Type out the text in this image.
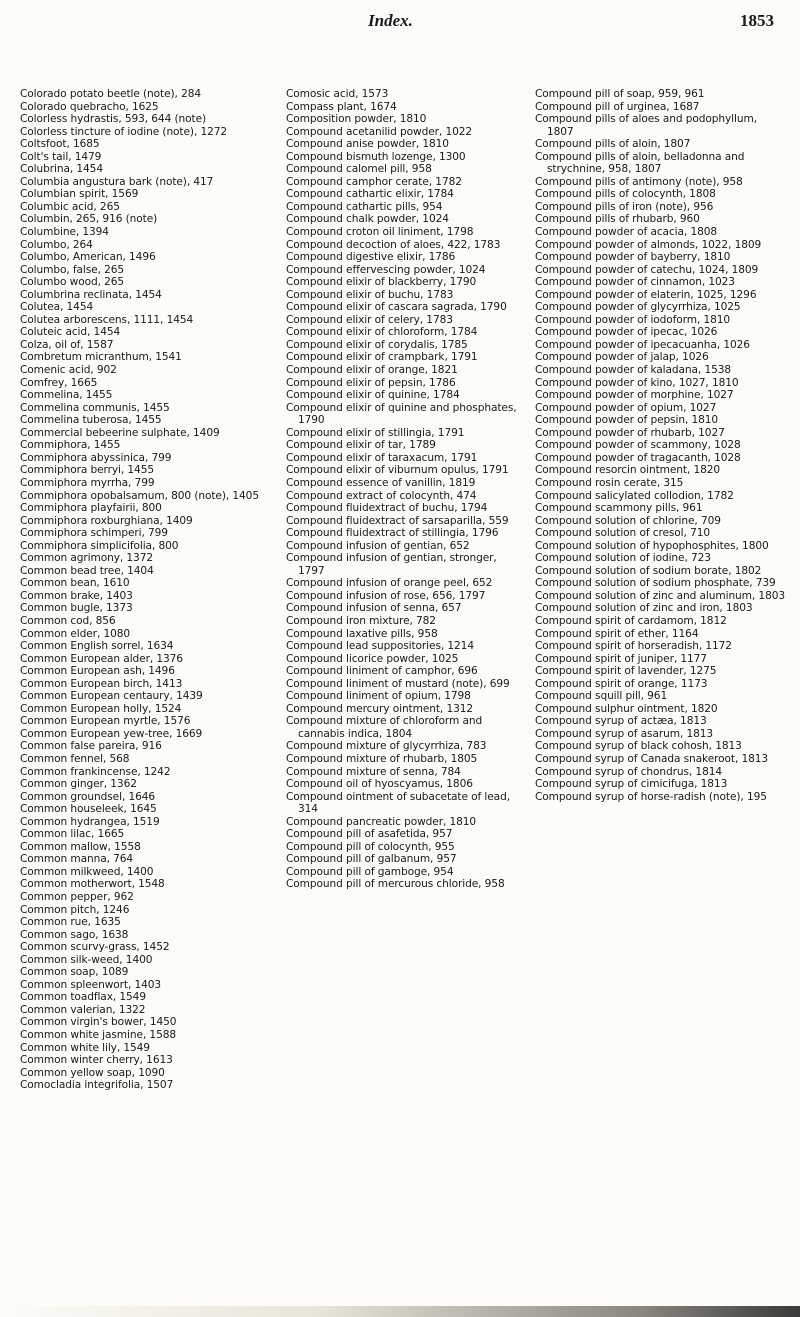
Index.	1853
Colorado potato beetle (note), 284
Colorado quebracho, 1625
Colorless hydrastis, 593, 644 (note)
Colorless tincture of iodine (note), 1272
Coltsfoot, 1685
Colt's tail, 1479
Colubrina, 1454
Columbia angustura bark (note), 417
Columbian spirit, 1569
Columbic acid, 265
Columbin, 265, 916 (note)
Columbine, 1394
Columbo, 264
Columbo, American, 1496
Columbo, false, 265
Columbo wood, 265
Columbrina reclinata, 1454
Colutea, 1454
Colutea arborescens, 1111, 1454
Coluteic acid, 1454
Colza, oil of, 1587
Combretum micranthum, 1541
Comenic acid, 902
Comfrey, 1665
Commelina, 1455
Commelina communis, 1455
Commelina tuberosa, 1455
Commercial bebeerine sulphate, 1409
Commiphora, 1455
Commiphora abyssinica, 799
Commiphora berryi, 1455
Commiphora myrrha, 799
Commiphora opobalsamum, 800 (note), 1405
Commiphora playfairii, 800
Commiphora roxburghiana, 1409
Commiphora schimperi, 799
Commiphora simplicifolia, 800
Common agrimony, 1372
Common bead tree, 1404
Common bean, 1610
Common brake, 1403
Common bugle, 1373
Common cod, 856
Common elder, 1080
Common English sorrel, 1634
Common European alder, 1376
Common European ash, 1496
Common European birch, 1413
Common European centaury, 1439
Common European holly, 1524
Common European myrtle, 1576
Common European yew-tree, 1669
Common false pareira, 916
Common fennel, 568
Common frankincense, 1242
Common ginger, 1362
Common groundsel, 1646
Common houseleek, 1645
Common hydrangea, 1519
Common lilac, 1665
Common mallow, 1558
Common manna, 764
Common milkweed, 1400
Common motherwort, 1548
Common pepper, 962
Common pitch, 1246
Common rue, 1635
Common sago, 1638
Common scurvy-grass, 1452
Common silk-weed, 1400
Common soap, 1089
Common spleenwort, 1403
Common toadflax, 1549
Common valerian, 1322
Common virgin's bower, 1450
Common white jasmine, 1588
Common white lily, 1549
Common winter cherry, 1613
Common yellow soap, 1090
Comocladia integrifolia, 1507
Comosic acid, 1573
Compass plant, 1674
Composition powder, 1810
Compound acetanilid powder, 1022
Compound anise powder, 1810
Compound bismuth lozenge, 1300
Compound calomel pill, 958
Compound camphor cerate, 1782
Compound cathartic elixir, 1784
Compound cathartic pills, 954
Compound chalk powder, 1024
Compound croton oil liniment, 1798
Compound decoction of aloes, 422, 1783
Compound digestive elixir, 1786
Compound effervescing powder, 1024
Compound elixir of blackberry, 1790
Compound elixir of buchu, 1783
Compound elixir of cascara sagrada, 1790
Compound elixir of celery, 1783
Compound elixir of chloroform, 1784
Compound elixir of corydalis, 1785
Compound elixir of crampbark, 1791
Compound elixir of orange, 1821
Compound elixir of pepsin, 1786
Compound elixir of quinine, 1784
Compound elixir of quinine and phosphates, 1790
Compound elixir of stillingia, 1791
Compound elixir of tar, 1789
Compound elixir of taraxacum, 1791
Compound elixir of viburnum opulus, 1791
Compound essence of vanillin, 1819
Compound extract of colocynth, 474
Compound fluidextract of buchu, 1794
Compound fluidextract of sarsaparilla, 559
Compound fluidextract of stillingia, 1796
Compound infusion of gentian, 652
Compound infusion of gentian, stronger, 1797
Compound infusion of orange peel, 652
Compound infusion of rose, 656, 1797
Compound infusion of senna, 657
Compound iron mixture, 782
Compound laxative pills, 958
Compound lead suppositories, 1214
Compound licorice powder, 1025
Compound liniment of camphor, 696
Compound liniment of mustard (note), 699
Compound liniment of opium, 1798
Compound mercury ointment, 1312
Compound mixture of chloroform and cannabis indica, 1804
Compound mixture of glycyrrhiza, 783
Compound mixture of rhubarb, 1805
Compound mixture of senna, 784
Compound oil of hyoscyamus, 1806
Compound ointment of subacetate of lead, 314
Compound pancreatic powder, 1810
Compound pill of asafetida, 957
Compound pill of colocynth, 955
Compound pill of galbanum, 957
Compound pill of gamboge, 954
Compound pill of mercurous chloride, 958
Compound pill of soap, 959, 961
Compound pill of urginea, 1687
Compound pills of aloes and podophyllum, 1807
Compound pills of aloin, 1807
Compound pills of aloin, belladonna and strychnine, 958, 1807
Compound pills of antimony (note), 958
Compound pills of colocynth, 1808
Compound pills of iron (note), 956
Compound pills of rhubarb, 960
Compound powder of acacia, 1808
Compound powder of almonds, 1022, 1809
Compound powder of bayberry, 1810
Compound powder of catechu, 1024, 1809
Compound powder of cinnamon, 1023
Compound powder of elaterin, 1025, 1296
Compound powder of glycyrrhiza, 1025
Compound powder of iodoform, 1810
Compound powder of ipecac, 1026
Compound powder of ipecacuanha, 1026
Compound powder of jalap, 1026
Compound powder of kaladana, 1538
Compound powder of kino, 1027, 1810
Compound powder of morphine, 1027
Compound powder of opium, 1027
Compound powder of pepsin, 1810
Compound powder of rhubarb, 1027
Compound powder of scammony, 1028
Compound powder of tragacanth, 1028
Compound resorcin ointment, 1820
Compound rosin cerate, 315
Compound salicylated collodion, 1782
Compound scammony pills, 961
Compound solution of chlorine, 709
Compound solution of cresol, 710
Compound solution of hypophosphites, 1800
Compound solution of iodine, 723
Compound solution of sodium borate, 1802
Compound solution of sodium phosphate, 739
Compound solution of zinc and aluminum, 1803
Compound solution of zinc and iron, 1803
Compound spirit of cardamom, 1812
Compound spirit of ether, 1164
Compound spirit of horseradish, 1172
Compound spirit of juniper, 1177
Compound spirit of lavender, 1275
Compound spirit of orange, 1173
Compound squill pill, 961
Compound sulphur ointment, 1820
Compound syrup of actæa, 1813
Compound syrup of asarum, 1813
Compound syrup of black cohosh, 1813
Compound syrup of Canada snakeroot, 1813
Compound syrup of chondrus, 1814
Compound syrup of cimicifuga, 1813
Compound syrup of horse-radish (note), 195
